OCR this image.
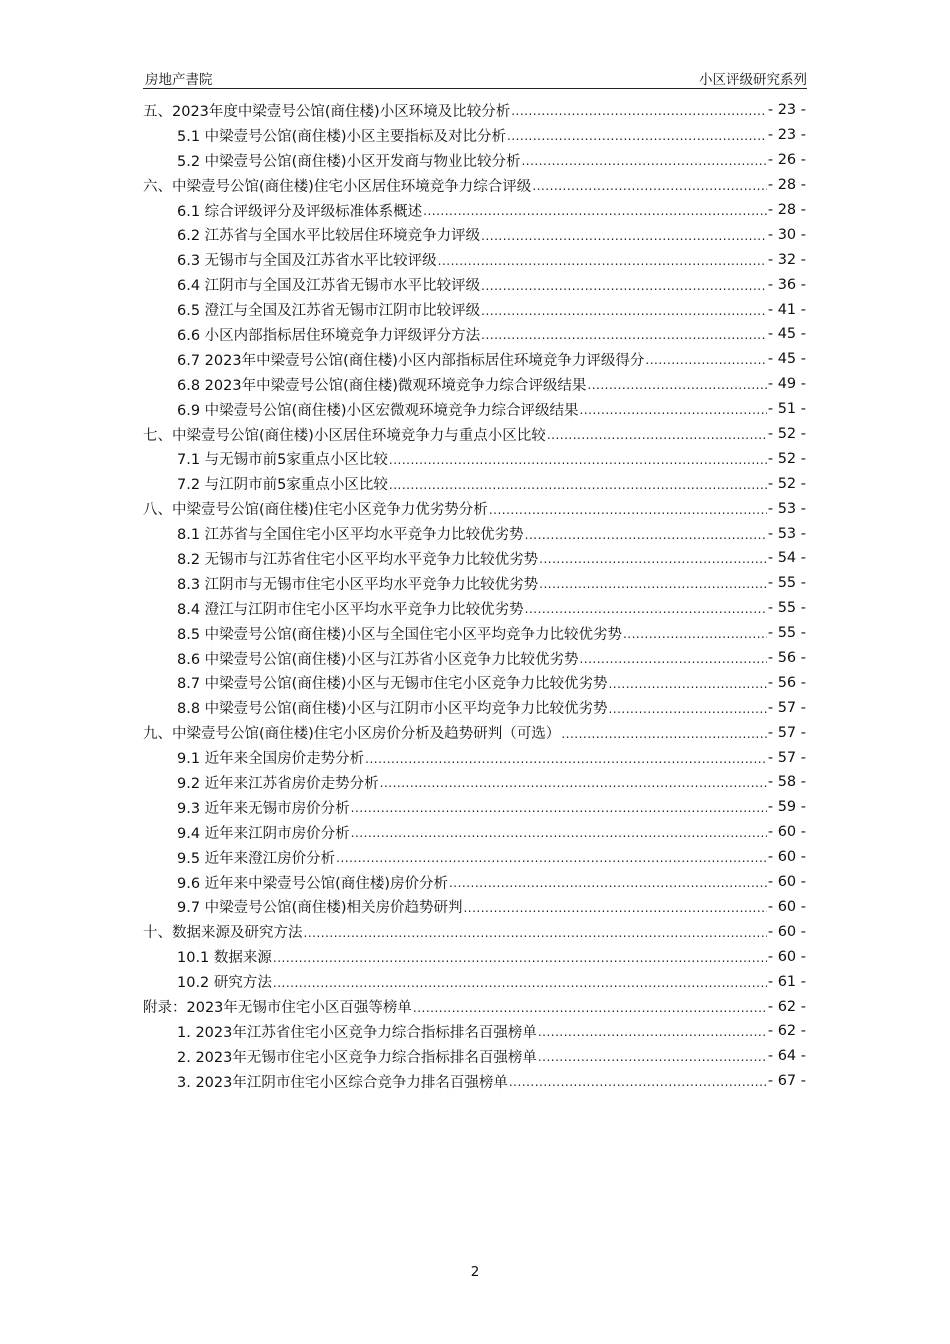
房地产書院	小区评级研究系列
五、2023年度中梁壹号公馆(商住楼)小区环境及比较分析 .....	- 23 -
5.1 中梁壹号公馆(商住楼)小区主要指标及对比分析 .....	- 23 -
5.2 中梁壹号公馆(商住楼)小区开发商与物业比较分析 .....	- 26 -
六、中梁壹号公馆(商住楼)住宅小区居住环境竞争力综合评级 .....	- 28 -
6.1 综合评级评分及评级标准体系概述 .....	- 28 -
6.2 江苏省与全国水平比较居住环境竞争力评级 .....	- 30 -
6.3 无锡市与全国及江苏省水平比较评级 .....	- 32 -
6.4 江阴市与全国及江苏省无锡市水平比较评级 .....	- 36 -
6.5 澄江与全国及江苏省无锡市江阴市比较评级 .....	- 41 -
6.6 小区内部指标居住环境竞争力评级评分方法 .....	- 45 -
6.7 2023年中梁壹号公馆(商住楼)小区内部指标居住环境竞争力评级得分 .....	- 45 -
6.8 2023年中梁壹号公馆(商住楼)微观环境竞争力综合评级结果 .....	- 49 -
6.9 中梁壹号公馆(商住楼)小区宏微观环境竞争力综合评级结果 .....	- 51 -
七、中梁壹号公馆(商住楼)小区居住环境竞争力与重点小区比较 .....	- 52 -
7.1 与无锡市前5家重点小区比较 .....	- 52 -
7.2 与江阴市前5家重点小区比较 .....	- 52 -
八、中梁壹号公馆(商住楼)住宅小区竞争力优劣势分析 .....	- 53 -
8.1 江苏省与全国住宅小区平均水平竞争力比较优劣势 .....	- 53 -
8.2 无锡市与江苏省住宅小区平均水平竞争力比较优劣势 .....	- 54 -
8.3 江阴市与无锡市住宅小区平均水平竞争力比较优劣势 .....	- 55 -
8.4 澄江与江阴市住宅小区平均水平竞争力比较优劣势 .....	- 55 -
8.5 中梁壹号公馆(商住楼)小区与全国住宅小区平均竞争力比较优劣势 .....	- 55 -
8.6 中梁壹号公馆(商住楼)小区与江苏省小区竞争力比较优劣势 .....	- 56 -
8.7 中梁壹号公馆(商住楼)小区与无锡市住宅小区竞争力比较优劣势 .....	- 56 -
8.8 中梁壹号公馆(商住楼)小区与江阴市小区平均竞争力比较优劣势 .....	- 57 -
九、中梁壹号公馆(商住楼)住宅小区房价分析及趋势研判（可选） .....	- 57 -
9.1 近年来全国房价走势分析 .....	- 57 -
9.2 近年来江苏省房价走势分析 .....	- 58 -
9.3 近年来无锡市房价分析 .....	- 59 -
9.4 近年来江阴市房价分析 .....	- 60 -
9.5 近年来澄江房价分析 .....	- 60 -
9.6 近年来中梁壹号公馆(商住楼)房价分析 .....	- 60 -
9.7 中梁壹号公馆(商住楼)相关房价趋势研判 .....	- 60 -
十、数据来源及研究方法 .....	- 60 -
10.1 数据来源 .....	- 60 -
10.2 研究方法 .....	- 61 -
附录：2023年无锡市住宅小区百强等榜单 .....	- 62 -
1. 2023年江苏省住宅小区竞争力综合指标排名百强榜单 .....	- 62 -
2. 2023年无锡市住宅小区竞争力综合指标排名百强榜单 .....	- 64 -
3. 2023年江阴市住宅小区综合竞争力排名百强榜单 .....	- 67 -
2
